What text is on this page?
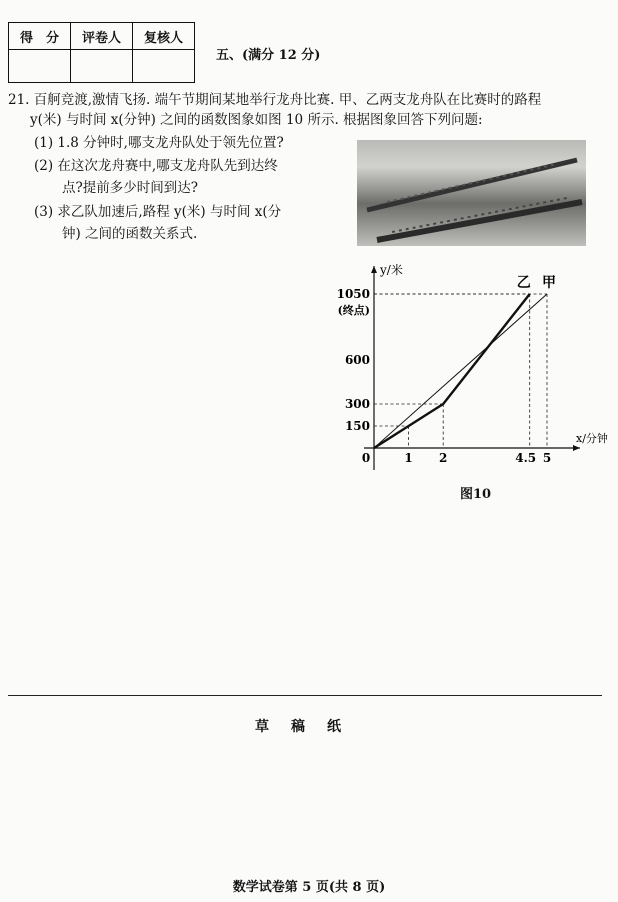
得　分	评卷人	复核人

五、(满分 12 分)
21. 百舸竞渡,激情飞扬. 端午节期间某地举行龙舟比赛. 甲、乙两支龙舟队在比赛时的路程
y(米) 与时间 x(分钟) 之间的函数图象如图 10 所示. 根据图象回答下列问题:
(1) 1.8 分钟时,哪支龙舟队处于领先位置?
(2) 在这次龙舟赛中,哪支龙舟队先到达终
点?提前多少时间到达?
(3) 求乙队加速后,路程 y(米) 与时间 x(分
钟) 之间的函数关系式.
0
150
300
600
1050
(终点)
1 2	4.5 5
y/米
x/分钟
乙 甲
图10
草稿纸
数学试卷第 5 页(共 8 页)
